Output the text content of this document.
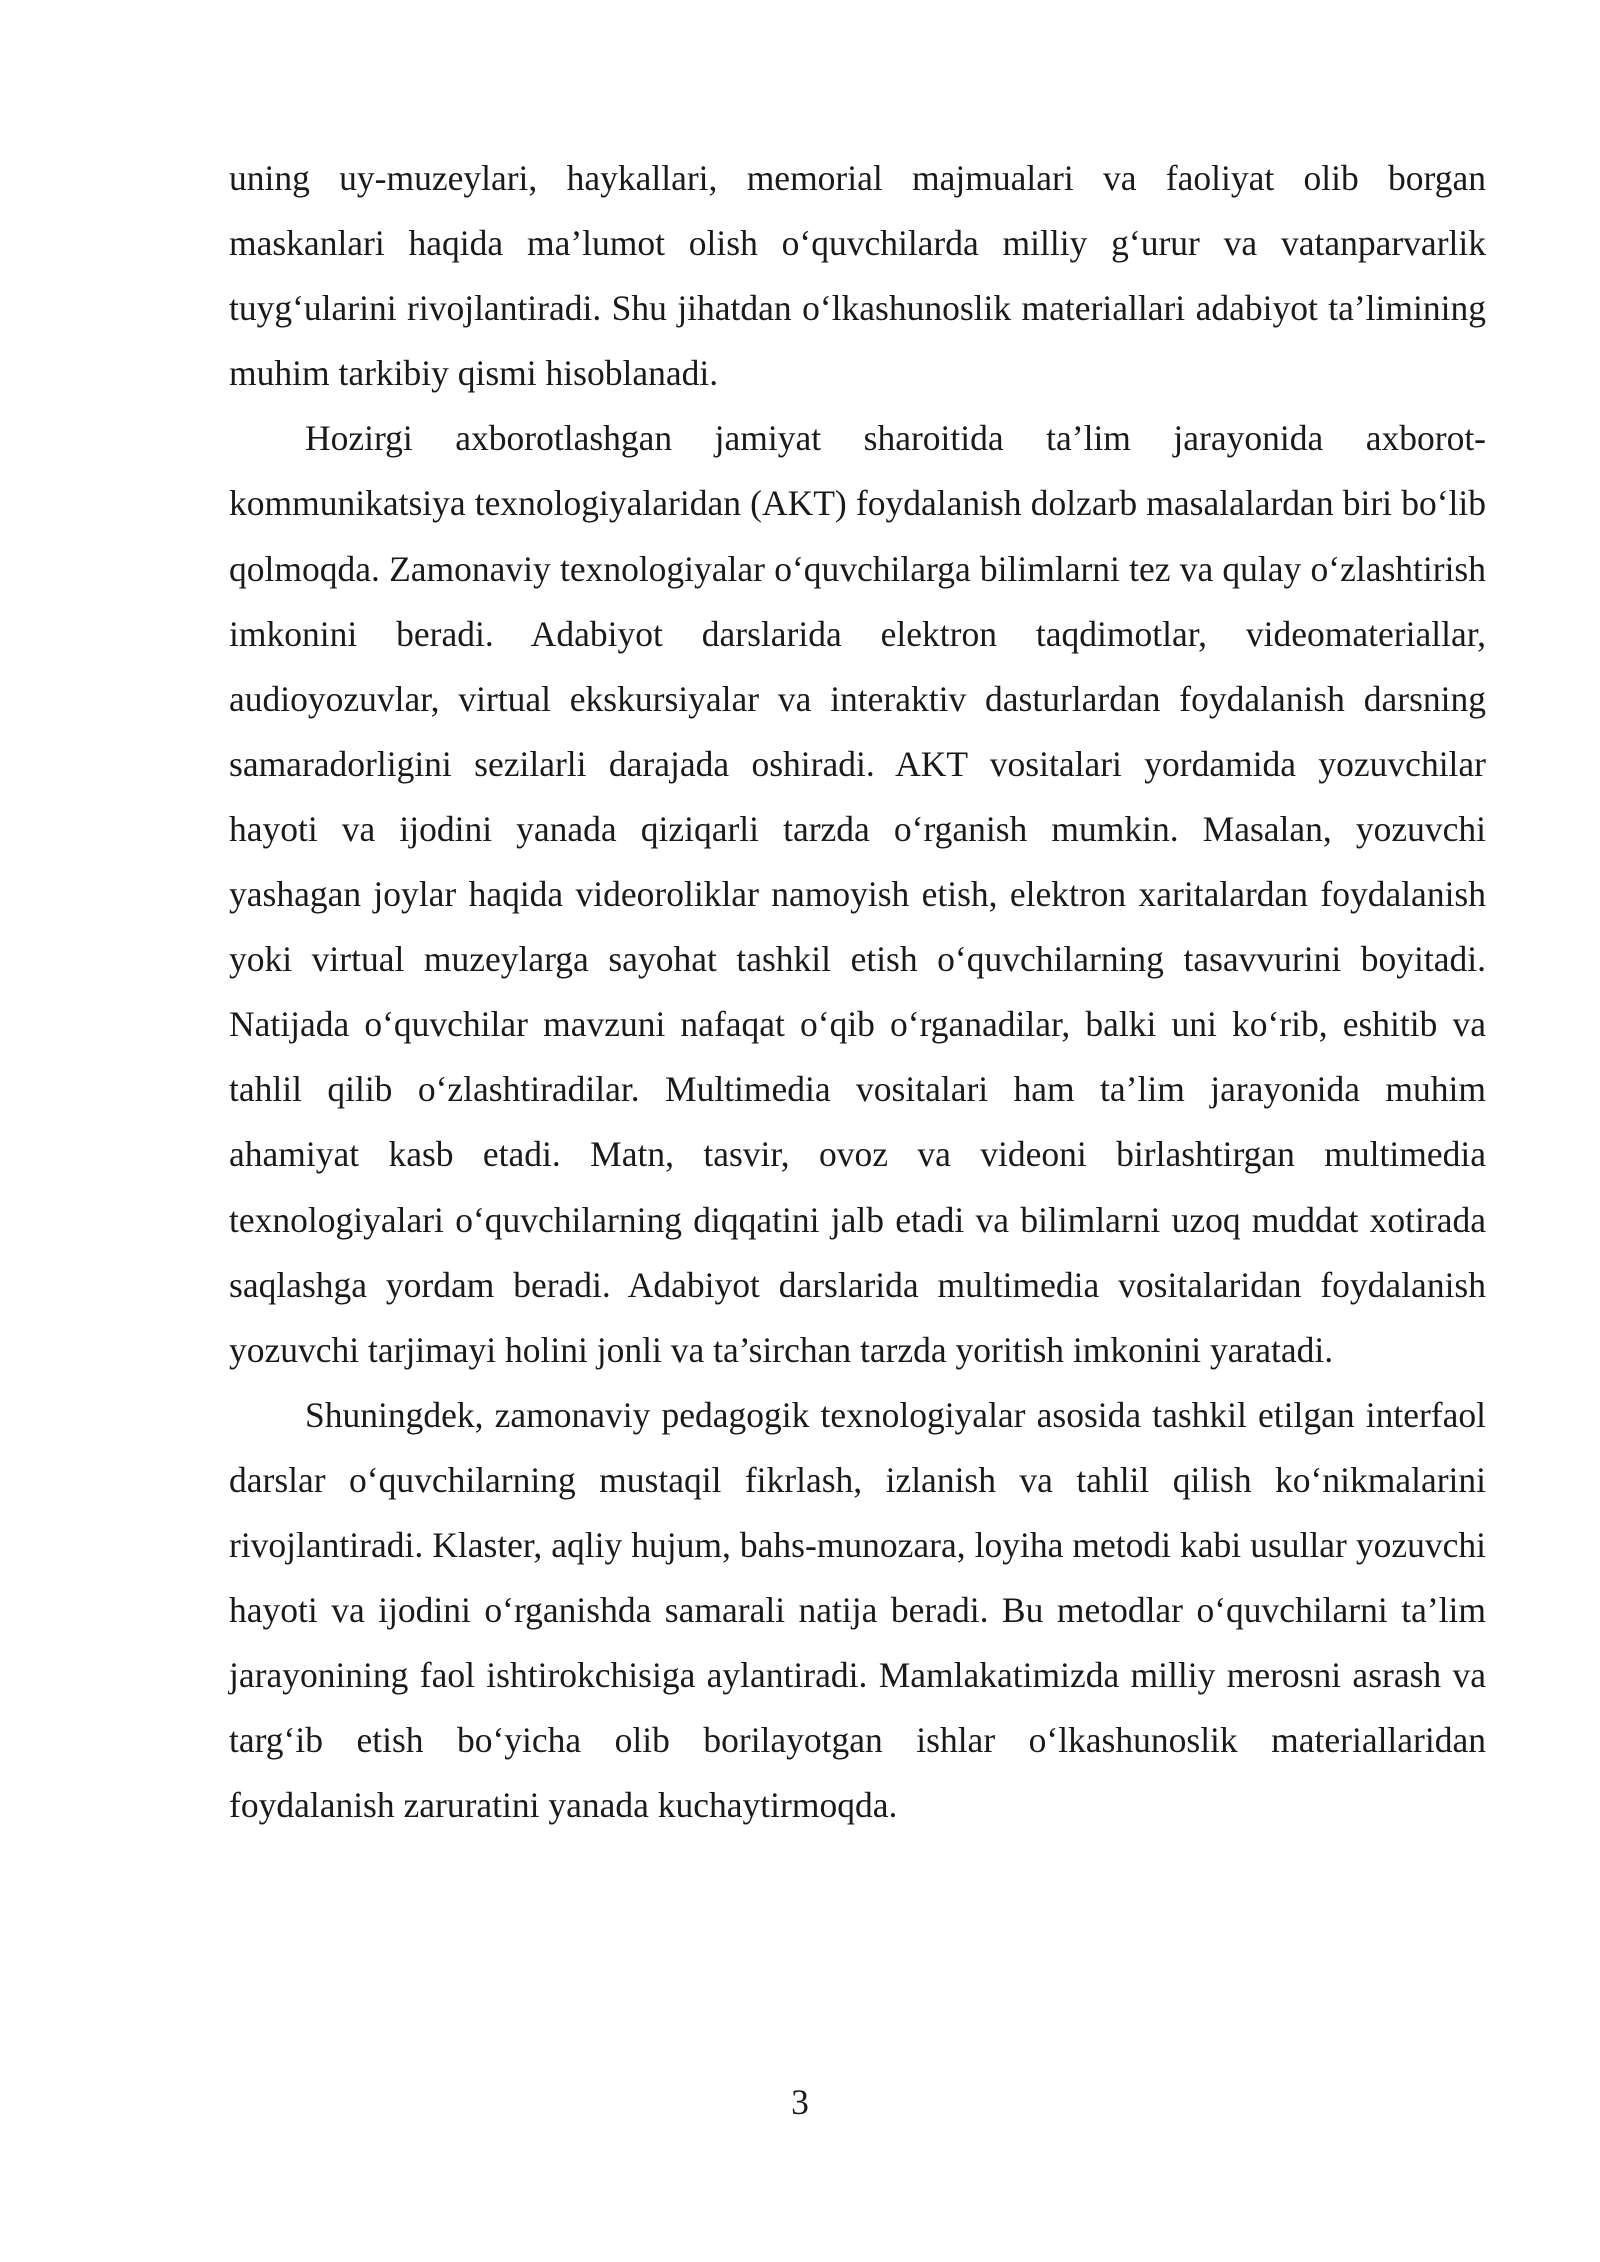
uning uy-muzeylari, haykallari, memorial majmualari va faoliyat olib borgan maskanlari haqida ma’lumot olish o‘quvchilarda milliy g‘urur va vatanparvarlik tuyg‘ularini rivojlantiradi. Shu jihatdan o‘lkashunoslik materiallari adabiyot ta’limining muhim tarkibiy qismi hisoblanadi.

Hozirgi axborotlashgan jamiyat sharoitida ta’lim jarayonida axborot-kommunikatsiya texnologiyalaridan (AKT) foydalanish dolzarb masalalardan biri bo‘lib qolmoqda. Zamonaviy texnologiyalar o‘quvchilarga bilimlarni tez va qulay o‘zlashtirish imkonini beradi. Adabiyot darslarida elektron taqdimotlar, videomateriallar, audioyozuvlar, virtual ekskursiyalar va interaktiv dasturlardan foydalanish darsning samaradorligini sezilarli darajada oshiradi. AKT vositalari yordamida yozuvchilar hayoti va ijodini yanada qiziqarli tarzda o‘rganish mumkin. Masalan, yozuvchi yashagan joylar haqida videoroliklar namoyish etish, elektron xaritalardan foydalanish yoki virtual muzeylarga sayohat tashkil etish o‘quvchilarning tasavvurini boyitadi. Natijada o‘quvchilar mavzuni nafaqat o‘qib o‘rganadilar, balki uni ko‘rib, eshitib va tahlil qilib o‘zlashtiradilar. Multimedia vositalari ham ta’lim jarayonida muhim ahamiyat kasb etadi. Matn, tasvir, ovoz va videoni birlashtirgan multimedia texnologiyalari o‘quvchilarning diqqatini jalb etadi va bilimlarni uzoq muddat xotirada saqlashga yordam beradi. Adabiyot darslarida multimedia vositalaridan foydalanish yozuvchi tarjimayi holini jonli va ta’sirchan tarzda yoritish imkonini yaratadi.

Shuningdek, zamonaviy pedagogik texnologiyalar asosida tashkil etilgan interfaol darslar o‘quvchilarning mustaqil fikrlash, izlanish va tahlil qilish ko‘nikmalarini rivojlantiradi. Klaster, aqliy hujum, bahs-munozara, loyiha metodi kabi usullar yozuvchi hayoti va ijodini o‘rganishda samarali natija beradi. Bu metodlar o‘quvchilarni ta’lim jarayonining faol ishtirokchisiga aylantiradi. Mamlakatimizda milliy merosni asrash va targ‘ib etish bo‘yicha olib borilayotgan ishlar o‘lkashunoslik materiallaridan foydalanish zaruratini yanada kuchaytirmoqda.

3
